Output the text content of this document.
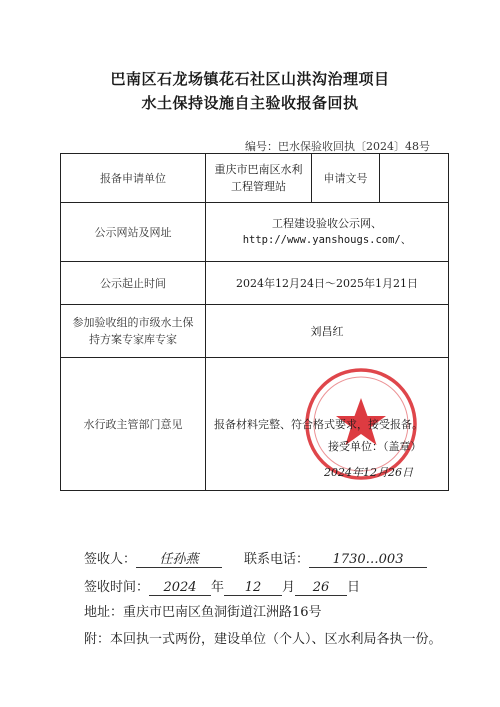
巴南区石龙场镇花石社区山洪沟治理项目
水土保持设施自主验收报备回执
编号：巴水保验收回执〔2024〕48号
报备申请单位	重庆市巴南区水利工程管理站	申请文号	
公示网站及网址	工程建设验收公示网、
http://www.yanshougs.com/、		

公示起止时间	2024年12月24日～2025年1月21日		
参加验收组的市级水土保持方案专家库专家	刘昌红		
水行政主管部门意见	报备材料完整、符合格式要求，接受报备。
接受单位：（盖章）
2024年12月26日		
签收人： 任孙燕	联系电话： 1730…003
签收时间： 2024 年 12 月 26 日
地址：重庆市巴南区鱼洞街道江洲路16号
附：本回执一式两份，建设单位（个人）、区水利局各执一份。
